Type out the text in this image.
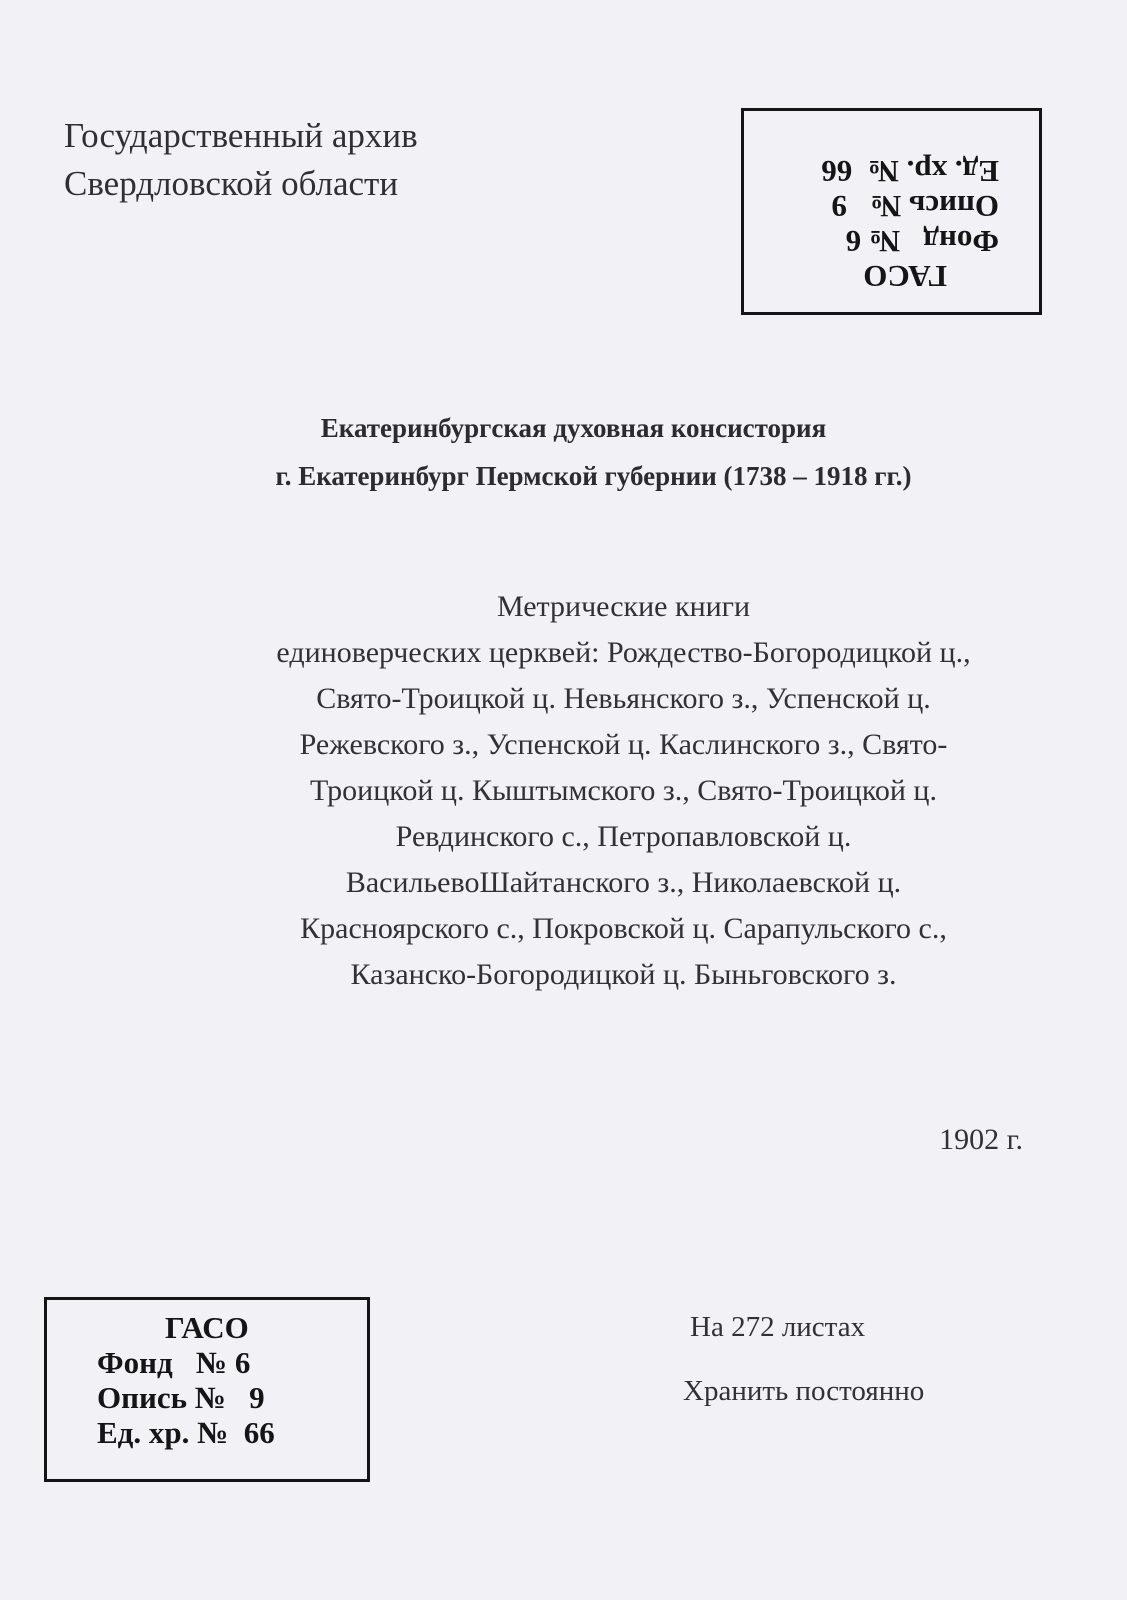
Государственный архив
Свердловской области
ГАСО
Фонд   № 6
Опись №   9
Ед. хр. №  66
Екатеринбургская духовная консистория
г. Екатеринбург Пермской губернии (1738 – 1918 гг.)
Метрические книги
единоверческих церквей: Рождество-Богородицкой ц.,
Свято-Троицкой ц. Невьянского з., Успенской ц.
Режевского з., Успенской ц. Каслинского з., Свято-
Троицкой ц. Кыштымского з., Свято-Троицкой ц.
Ревдинского с., Петропавловской ц.
ВасильевоШайтанского з., Николаевской ц.
Красноярского с., Покровской ц. Сарапульского с.,
Казанско-Богородицкой ц. Быньговского з.
1902 г.
ГАСО
Фонд № 6
Опись № 9
Ед. хр. № 66
На 272 листах
Хранить постоянно
